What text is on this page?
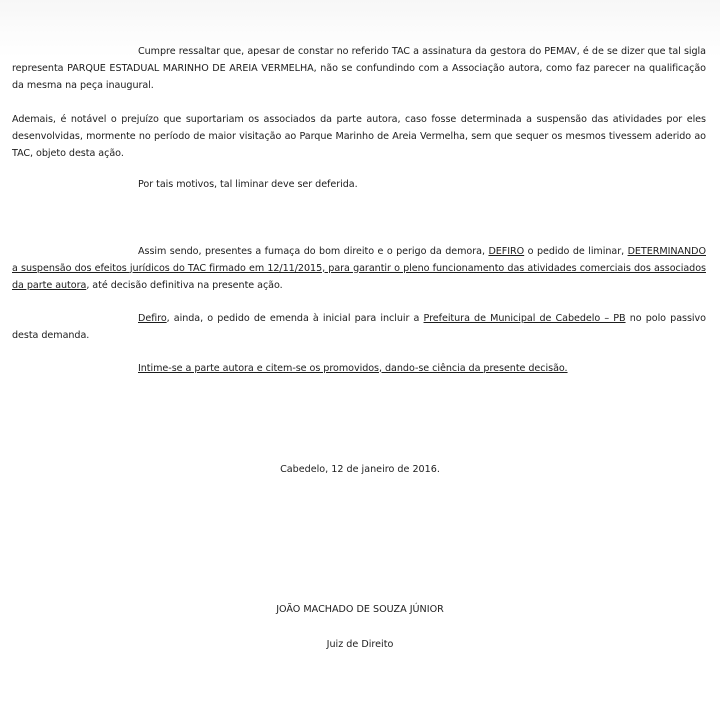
Cumpre ressaltar que, apesar de constar no referido TAC a assinatura da gestora do PEMAV, é de se dizer que tal sigla representa PARQUE ESTADUAL MARINHO DE AREIA VERMELHA, não se confundindo com a Associação autora, como faz parecer na qualificação da mesma na peça inaugural.

Ademais, é notável o prejuízo que suportariam os associados da parte autora, caso fosse determinada a suspensão das atividades por eles desenvolvidas, mormente no período de maior visitação ao Parque Marinho de Areia Vermelha, sem que sequer os mesmos tivessem aderido ao TAC, objeto desta ação.

Por tais motivos, tal liminar deve ser deferida.

Assim sendo, presentes a fumaça do bom direito e o perigo da demora, DEFIRO o pedido de liminar, DETERMINANDO a suspensão dos efeitos jurídicos do TAC firmado em 12/11/2015, para garantir o pleno funcionamento das atividades comerciais dos associados da parte autora, até decisão definitiva na presente ação.

Defiro, ainda, o pedido de emenda à inicial para incluir a Prefeitura de Municipal de Cabedelo – PB no polo passivo desta demanda.

Intime-se a parte autora e citem-se os promovidos, dando-se ciência da presente decisão.

Cabedelo, 12 de janeiro de 2016.
JOÃO MACHADO DE SOUZA JÚNIOR
Juiz de Direito
